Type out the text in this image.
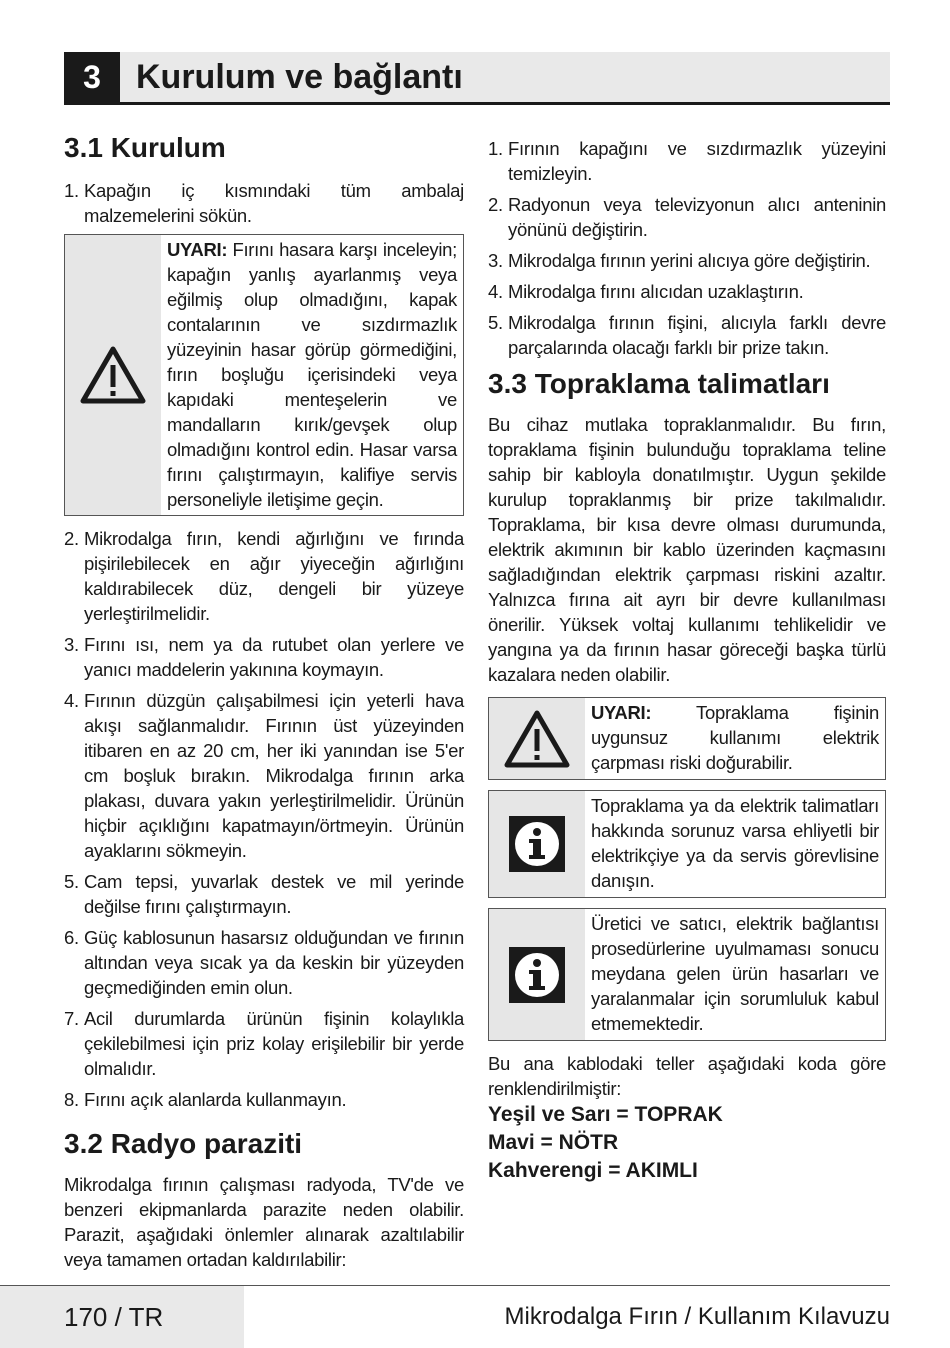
3	Kurulum ve bağlantı
3.1 Kurulum
1. Kapağın iç kısmındaki tüm ambalaj malzemelerini sökün.
UYARI: Fırını hasara karşı inceleyin; kapağın yanlış ayarlanmış veya eğilmiş olup olmadığını, kapak contalarının ve sızdırmazlık yüzeyinin hasar görüp görmediğini, fırın boşluğu içerisindeki veya kapıdaki menteşelerin ve mandalların kırık/gevşek olup olmadığını kontrol edin. Hasar varsa fırını çalıştırmayın, kalifiye servis personeliyle iletişime geçin.
2. Mikrodalga fırın, kendi ağırlığını ve fırında pişirilebilecek en ağır yiyeceğin ağırlığını kaldırabilecek düz, dengeli bir yüzeye yerleştirilmelidir.
3. Fırını ısı, nem ya da rutubet olan yerlere ve yanıcı maddelerin yakınına koymayın.
4. Fırının düzgün çalışabilmesi için yeterli hava akışı sağlanmalıdır. Fırının üst yüzeyinden itibaren en az 20 cm, her iki yanından ise 5'er cm boşluk bırakın. Mikrodalga fırının arka plakası, duvara yakın yerleştirilmelidir. Ürünün hiçbir açıklığını kapatmayın/örtmeyin. Ürünün ayaklarını sökmeyin.
5. Cam tepsi, yuvarlak destek ve mil yerinde değilse fırını çalıştırmayın.
6. Güç kablosunun hasarsız olduğundan ve fırının altından veya sıcak ya da keskin bir yüzeyden geçmediğinden emin olun.
7. Acil durumlarda ürünün fişinin kolaylıkla çekilebilmesi için priz kolay erişilebilir bir yerde olmalıdır.
8. Fırını açık alanlarda kullanmayın.
3.2 Radyo paraziti

Mikrodalga fırının çalışması radyoda, TV'de ve benzeri ekipmanlarda parazite neden olabilir. Parazit, aşağıdaki önlemler alınarak azaltılabilir veya tamamen ortadan kaldırılabilir:

1. Fırının kapağını ve sızdırmazlık yüzeyini temizleyin.
2. Radyonun veya televizyonun alıcı anteninin yönünü değiştirin.
3. Mikrodalga fırının yerini alıcıya göre değiştirin.
4. Mikrodalga fırını alıcıdan uzaklaştırın.
5. Mikrodalga fırının fişini, alıcıyla farklı devre parçalarında olacağı farklı bir prize takın.
3.3 Topraklama talimatları

Bu cihaz mutlaka topraklanmalıdır. Bu fırın, topraklama fişinin bulunduğu topraklama teline sahip bir kabloyla donatılmıştır. Uygun şekilde kurulup topraklanmış bir prize takılmalıdır. Topraklama, bir kısa devre olması durumunda, elektrik akımının bir kablo üzerinden kaçmasını sağladığından elektrik çarpması riskini azaltır. Yalnızca fırına ait ayrı bir devre kullanılması önerilir. Yüksek voltaj kullanımı tehlikelidir ve yangına ya da fırının hasar göreceği başka türlü kazalara neden olabilir.

UYARI: Topraklama fişinin uygunsuz kullanımı elektrik çarpması riski doğurabilir.
Topraklama ya da elektrik talimatları hakkında sorunuz varsa ehliyetli bir elektrikçiye ya da servis görevlisine danışın.
Üretici ve satıcı, elektrik bağlantısı prosedürlerine uyulmaması sonucu meydana gelen ürün hasarları ve yaralanmalar için sorumluluk kabul etmemektedir.

Bu ana kablodaki teller aşağıdaki koda göre renklendirilmiştir:

Yeşil ve Sarı = TOPRAK
Mavi = NÖTR
Kahverengi = AKIMLI
170 / TR	Mikrodalga Fırın / Kullanım Kılavuzu
